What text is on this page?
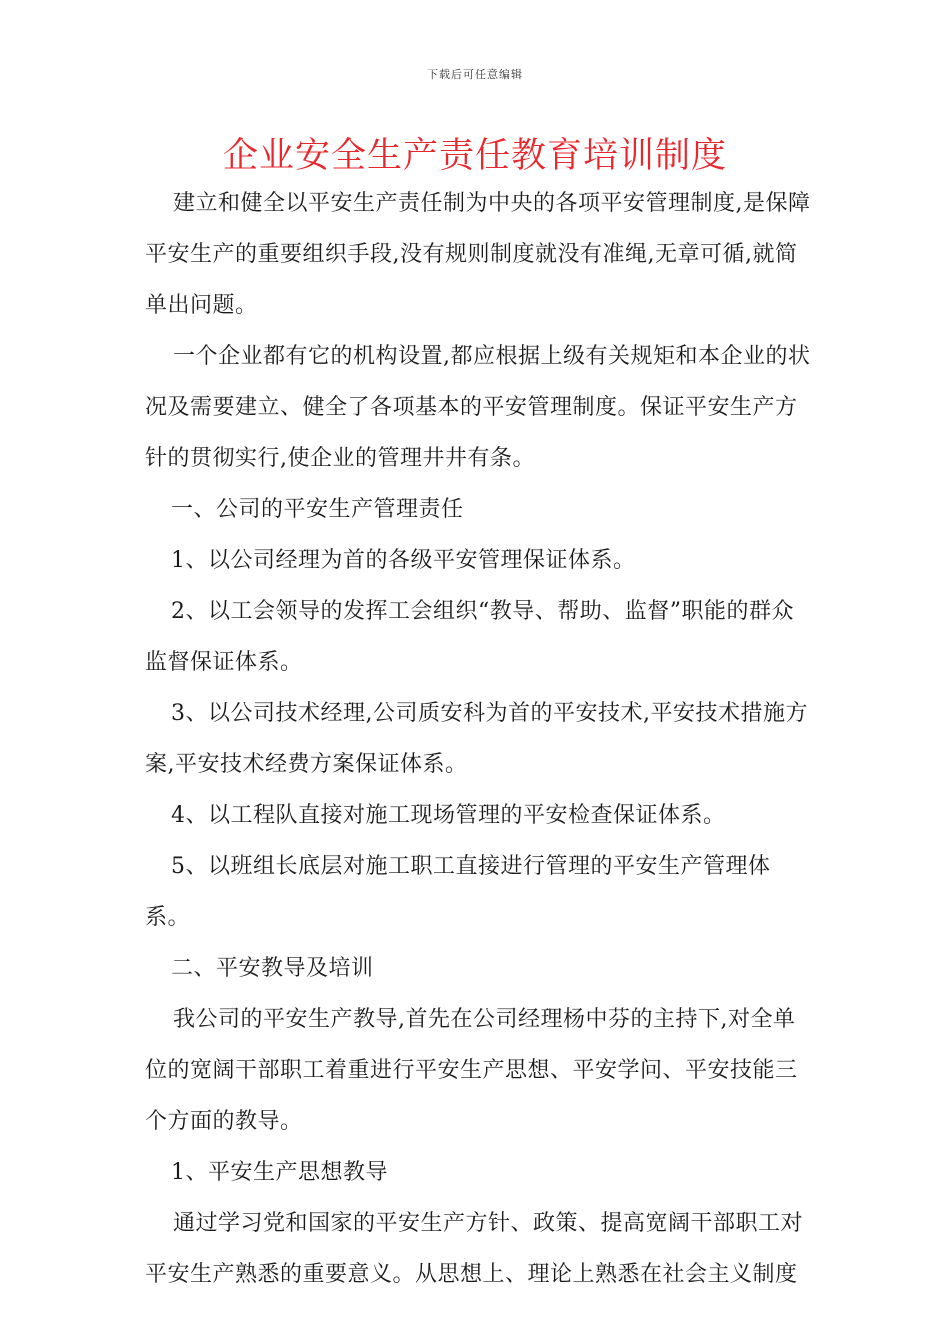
下载后可任意编辑
企业安全生产责任教育培训制度

建立和健全以平安生产责任制为中央的各项平安管理制度,是保障平安生产的重要组织手段,没有规则制度就没有准绳,无章可循,就简单出问题。

一个企业都有它的机构设置,都应根据上级有关规矩和本企业的状况及需要建立、健全了各项基本的平安管理制度。保证平安生产方针的贯彻实行,使企业的管理井井有条。

一、公司的平安生产管理责任

1、以公司经理为首的各级平安管理保证体系。

2、以工会领导的发挥工会组织“教导、帮助、监督”职能的群众监督保证体系。

3、以公司技术经理,公司质安科为首的平安技术,平安技术措施方案,平安技术经费方案保证体系。

4、以工程队直接对施工现场管理的平安检查保证体系。

5、以班组长底层对施工职工直接进行管理的平安生产管理体系。

二、平安教导及培训

我公司的平安生产教导,首先在公司经理杨中芬的主持下,对全单位的宽阔干部职工着重进行平安生产思想、平安学问、平安技能三个方面的教导。

1、平安生产思想教导

通过学习党和国家的平安生产方针、政策、提高宽阔干部职工对平安生产熟悉的重要意义。从思想上、理论上熟悉在社会主义制度
